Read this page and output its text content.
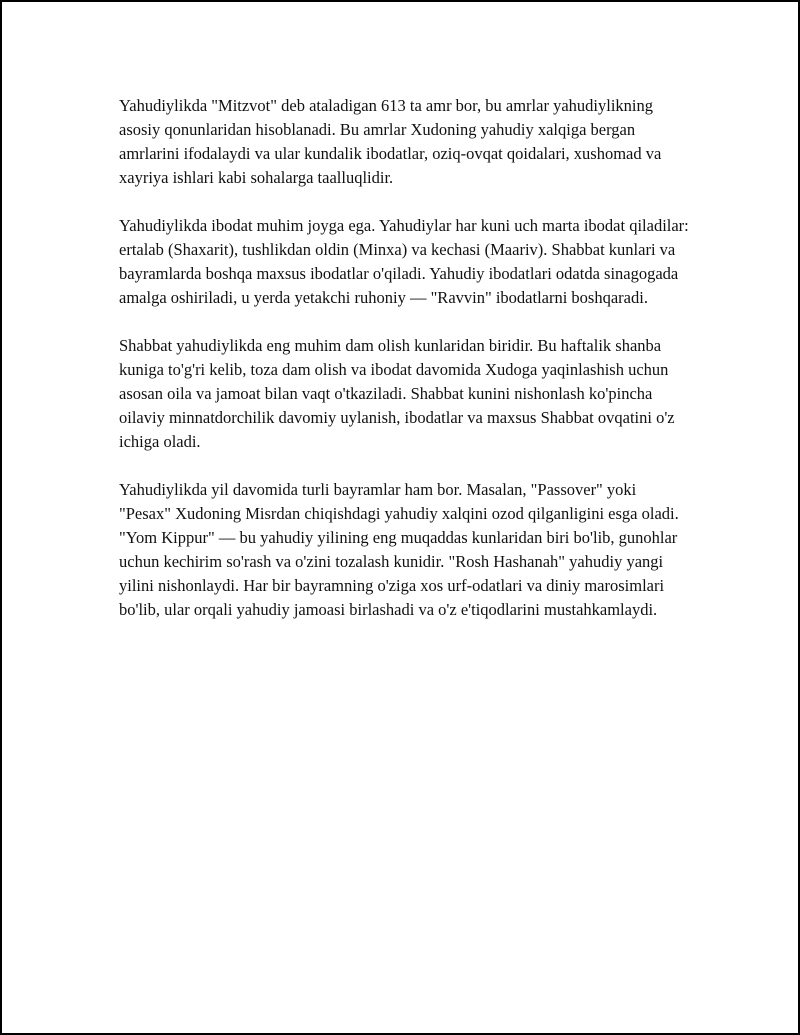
Yahudiylikda "Mitzvot" deb ataladigan 613 ta amr bor, bu amrlar yahudiylikning asosiy qonunlaridan hisoblanadi. Bu amrlar Xudoning yahudiy xalqiga bergan amrlarini ifodalaydi va ular kundalik ibodatlar, oziq-ovqat qoidalari, xushomad va xayriya ishlari kabi sohalarga taalluqlidir.

Yahudiylikda ibodat muhim joyga ega. Yahudiylar har kuni uch marta ibodat qiladilar: ertalab (Shaxarit), tushlikdan oldin (Minxa) va kechasi (Maariv). Shabbat kunlari va bayramlarda boshqa maxsus ibodatlar o'qiladi. Yahudiy ibodatlari odatda sinagogada amalga oshiriladi, u yerda yetakchi ruhoniy — "Ravvin" ibodatlarni boshqaradi.

Shabbat yahudiylikda eng muhim dam olish kunlaridan biridir. Bu haftalik shanba kuniga to'g'ri kelib, toza dam olish va ibodat davomida Xudoga yaqinlashish uchun asosan oila va jamoat bilan vaqt o'tkaziladi. Shabbat kunini nishonlash ko'pincha oilaviy minnatdorchilik davomiy uylanish, ibodatlar va maxsus Shabbat ovqatini o'z ichiga oladi.

Yahudiylikda yil davomida turli bayramlar ham bor. Masalan, "Passover" yoki "Pesax" Xudoning Misrdan chiqishdagi yahudiy xalqini ozod qilganligini esga oladi. "Yom Kippur" — bu yahudiy yilining eng muqaddas kunlaridan biri bo'lib, gunohlar uchun kechirim so'rash va o'zini tozalash kunidir. "Rosh Hashanah" yahudiy yangi yilini nishonlaydi. Har bir bayramning o'ziga xos urf-odatlari va diniy marosimlari bo'lib, ular orqali yahudiy jamoasi birlashadi va o'z e'tiqodlarini mustahkamlaydi.
